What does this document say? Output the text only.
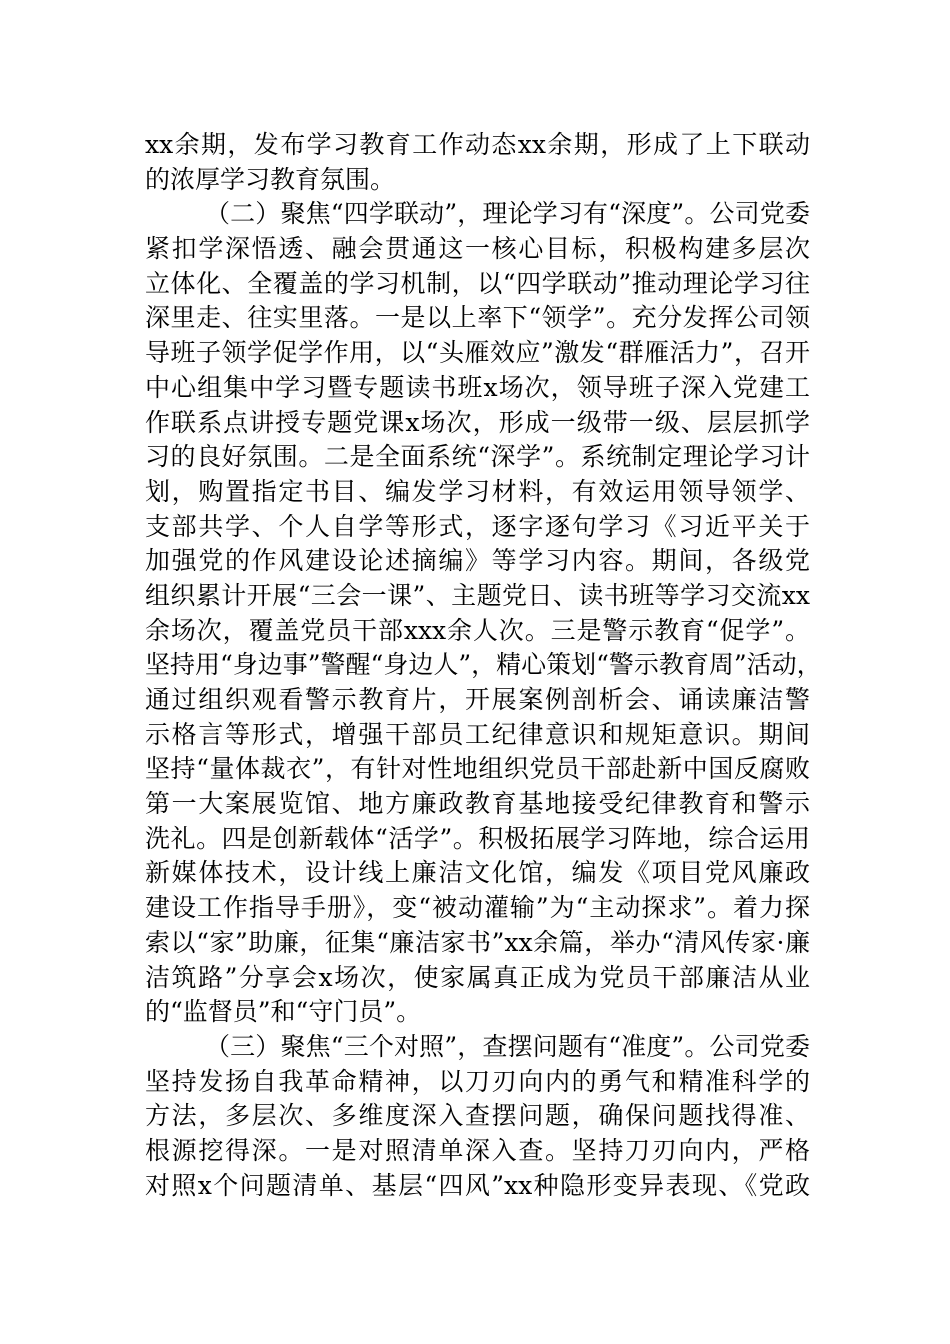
xx余期，发布学习教育工作动态xx余期，形成了上下联动
的浓厚学习教育氛围。
（二）聚焦“四学联动”，理论学习有“深度”。公司党委
紧扣学深悟透、融会贯通这一核心目标，积极构建多层次
立体化、全覆盖的学习机制，以“四学联动”推动理论学习往
深里走、往实里落。一是以上率下“领学”。充分发挥公司领
导班子领学促学作用，以“头雁效应”激发“群雁活力”，召开
中心组集中学习暨专题读书班x场次，领导班子深入党建工
作联系点讲授专题党课x场次，形成一级带一级、层层抓学
习的良好氛围。二是全面系统“深学”。系统制定理论学习计
划，购置指定书目、编发学习材料，有效运用领导领学、
支部共学、个人自学等形式，逐字逐句学习《习近平关于
加强党的作风建设论述摘编》等学习内容。期间，各级党
组织累计开展“三会一课”、主题党日、读书班等学习交流xx
余场次，覆盖党员干部xxx余人次。三是警示教育“促学”。
坚持用“身边事”警醒“身边人”，精心策划“警示教育周”活动，
通过组织观看警示教育片，开展案例剖析会、诵读廉洁警
示格言等形式，增强干部员工纪律意识和规矩意识。期间
坚持“量体裁衣”，有针对性地组织党员干部赴新中国反腐败
第一大案展览馆、地方廉政教育基地接受纪律教育和警示
洗礼。四是创新载体“活学”。积极拓展学习阵地，综合运用
新媒体技术，设计线上廉洁文化馆，编发《项目党风廉政
建设工作指导手册》，变“被动灌输”为“主动探求”。着力探
索以“家”助廉，征集“廉洁家书”xx余篇，举办“清风传家·廉
洁筑路”分享会x场次，使家属真正成为党员干部廉洁从业
的“监督员”和“守门员”。
（三）聚焦“三个对照”，查摆问题有“准度”。公司党委
坚持发扬自我革命精神，以刀刃向内的勇气和精准科学的
方法，多层次、多维度深入查摆问题，确保问题找得准、
根源挖得深。一是对照清单深入查。坚持刀刃向内，严格
对照x个问题清单、基层“四风”xx种隐形变异表现、《党政
